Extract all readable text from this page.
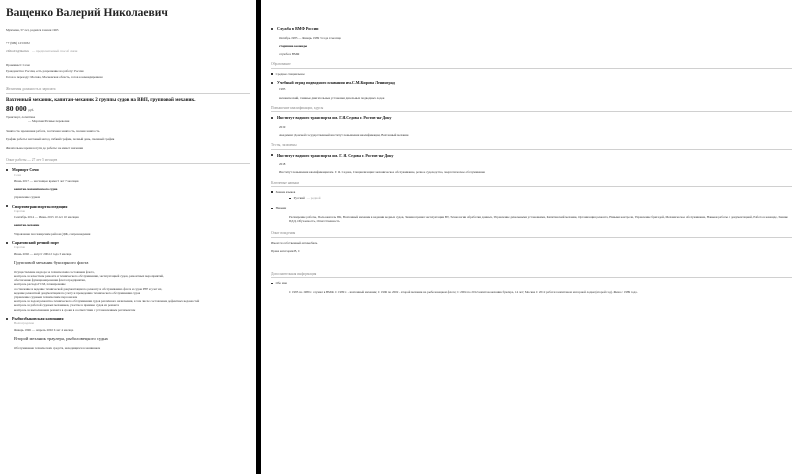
Ващенко Валерий Николаевич
Мужчина, 57 лет, родился 4 июля 1965
+7 (999) 123 0032
vlfdro01@mail.ru — предпочитаемый способ связи
Проживает: Сочи
Гражданство: Россия, есть разрешение на работу: Россия
Готов к переезду: Москва, Московская область, готов к командировкам
Желаемая должность и зарплата
Вахтенный механик, капитан-механик 2 группы судов на ВВП, групповой механик.
80 000 руб.
Транспорт, логистика
— Морские/Речные перевозки
Занятость: временная работа, частичная занятость, полная занятость
График работы: вахтовый метод, гибкий график, полный день, сменный график
Желательное время в пути до работы: не имеет значения
Опыт работы — 27 лет 5 месяцев
Морпорт Сочи
Сочи
Июнь 2017 — настоящее время 5 лет 7 месяцев
капитан-маханического судна
управление судном
Спортивтранспортэкспедиция
Саратов
Сентябрь 2014 — Июнь 2015 10 лет 10 месяцев
капитан-механик
Управление пассажирским рейсом (ДЖ, сопровождения
Саратовский речной порт
Саратов
Июнь 2002 — август 2004 2 года 3 месяца
Групповой механик буксирного флота
Осуществление надзора за техническим состоянием флота,
контроль за качеством ремонта и технического обслуживания, эксплуатацией судов, ремонтных мероприятий,
обеспечение функционирования флота предприятия,
контроль расхода ГСМ, планирование
составление и ведение технической документации по ремонту и обслуживанию флота и судов РРР и учет их,
ведение ремонтной документации по учету и проведению технического обслуживания судов
управление судовым техническим персоналом
контроль за ходом ремонтно-технического обслуживания судов различного назначения, в том числе составление дефектных ведомостей
контроль за работой судовых механиков, участие в приемке судов из ремонта
контроль за выполнением ремонта в сроки в соответствии с установленным регламентом
Рыбхозбыковская компания
Волгоградская
Январь 1996 — Апрель 2002 6 лет 4 месяца
Второй механик траулера, рыболовецкого судна
Обслуживание технических средств, находящихся в машинном
Служба в ВМФ России
Октябрь 1985 — Январь 1989 3 года 4 месяца
старшина команды
служба в ВМФ
Образование
Среднее специальное
Учебный отряд подводного плавания им.С.М.Кирова Ленинград
1985
механический, главные двигательные установки дизельных подводных лодок
Повышение квалификации, курсы
Институт водного транспорта им. Г.Я.Седова г. Ростов-на-Дону
2019
Академия: Донской государственный институт повышения квалификации, Вахтенный механик
Тесты, экзамены
Институт водного транспорта им. Г. Я. Седова г. Ростов-на-Дону
2018
Институт повышения квалификации им. Г. Я. Седова, Специализация: механическое обслуживание, речное судоходство, энергетическое обслуживание
Ключевые навыки
Знание языков
Русский — родной
Навыки
Расширение работы, Пользователь ПК, Вахтенный механик в ведении водных судов, Знания правил эксплуатации ВТ, Технологии обработки данных, Управление дизельными установками, Капитанский механик, Организация ремонта, Навыки контроля, Управление бригадой, Механическое обслуживание, Навыки работы с документацией, Работа в команде, Знание ПДД, Обучаемость, Ответственность
Опыт вождения
Имеется собственный автомобиль
Права категории B, C
Дополнительная информация
Обо мне
С 1985 по 1989 г. служил в ВМФ. С 1989 г. - вахтенный механик; С 1996 по 2002 - второй механик на рыболовецком флоте; С 2004 по 2012 капитан-механик буксира, 14 лет; Москва С 2012 работал капитаном моторной лодки (второй год). Жена с 1989 года.
